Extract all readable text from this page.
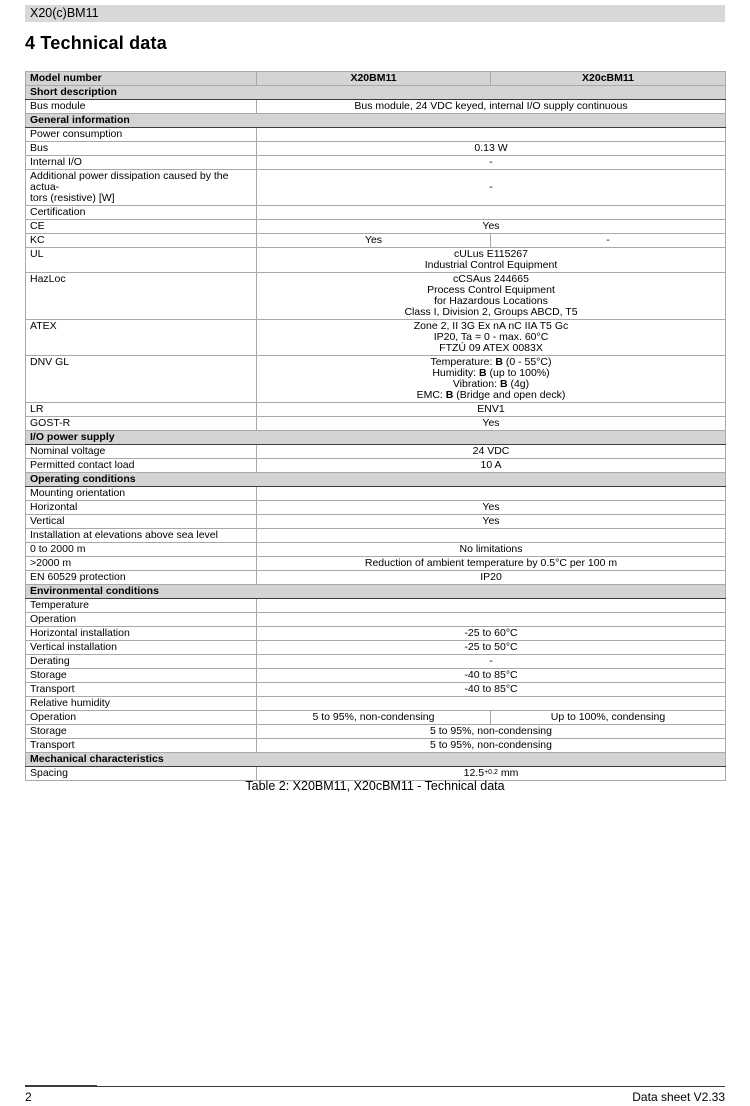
X20(c)BM11
4 Technical data
Model number	X20BM11	X20cBM11
Short description		
Bus module	Bus module, 24 VDC keyed, internal I/O supply continuous	
General information		
Power consumption		
Bus	0.13 W	
Internal I/O	-	
Additional power dissipation caused by the actua-
tors (resistive) [W]	-	
Certification		
CE	Yes	
KC	Yes	-
UL	cULus E115267
Industrial Control Equipment	
HazLoc	cCSAus 244665
Process Control Equipment
for Hazardous Locations
Class I, Division 2, Groups ABCD, T5	
ATEX	Zone 2, II 3G Ex nA nC IIA T5 Gc
IP20, Ta = 0 - max. 60°C
FTZÚ 09 ATEX 0083X	
DNV GL	Temperature: B (0 - 55°C)
Humidity: B (up to 100%)
Vibration: B (4g)
EMC: B (Bridge and open deck)	
LR	ENV1	
GOST-R	Yes	
I/O power supply		
Nominal voltage	24 VDC	
Permitted contact load	10 A	
Operating conditions		
Mounting orientation		
Horizontal	Yes	
Vertical	Yes	
Installation at elevations above sea level		
0 to 2000 m	No limitations	
>2000 m	Reduction of ambient temperature by 0.5°C per 100 m	
EN 60529 protection	IP20	
Environmental conditions		
Temperature		
Operation		
Horizontal installation	-25 to 60°C	
Vertical installation	-25 to 50°C	
Derating	-	
Storage	-40 to 85°C	
Transport	-40 to 85°C	
Relative humidity		
Operation	5 to 95%, non-condensing	Up to 100%, condensing
Storage	5 to 95%, non-condensing	
Transport	5 to 95%, non-condensing	
Mechanical characteristics		
Spacing	$12.5^{+0.2}$ mm	
Table 2: X20BM11, X20cBM11 - Technical data
2	Data sheet V2.33
